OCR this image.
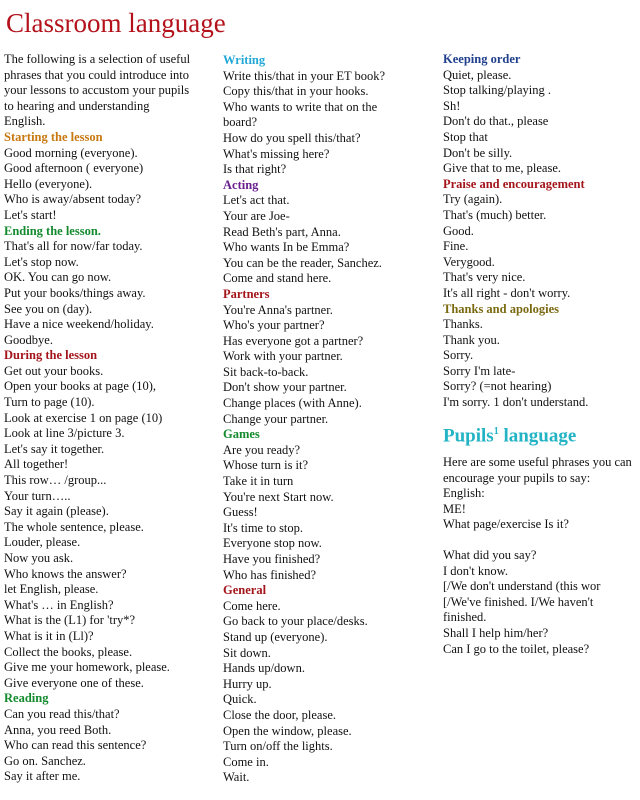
Classroom language
The following is a selection of useful
phrases that you could introduce into
your lessons to accustom your pupils
to hearing and understanding
English.
Starting the lesson
Good morning (everyone).
Good afternoon ( everyone)
Hello (everyone).
Who is away/absent today?
Let's start!
Ending the lesson.
That's all for now/far today.
Let's stop now.
OK. You can go now.
Put your books/things away.
See you on (day).
Have a nice weekend/holiday.
Goodbye.
During the lesson
Get out your books.
Open your books at page (10),
Turn to page (10).
Look at exercise 1 on page (10)
Look at line 3/picture 3.
Let's say it together.
All together!
This row… /group...
Your turn…..
Say it again (please).
The whole sentence, please.
Louder, please.
Now you ask.
Who knows the answer?
let English, please.
What's … in English?
What is the (L1) for 'try*?
What is it in (Ll)?
Collect the books, please.
Give me your homework, please.
Give everyone one of these.
Reading
Can you read this/that?
Anna, you reed Both.
Who can read this sentence?
Go on. Sanchez.
Say it after me.
Writing
Write this/that in your ET book?
Copy this/that in your hooks.
Who wants to write that on the
board?
How do you spell this/that?
What's missing here?
Is that right?
Acting
Let's act that.
Your are Joe-
Read Beth's part, Anna.
Who wants In be Emma?
You can be the reader, Sanchez.
Come and stand here.
Partners
You're Anna's partner.
Who's your partner?
Has everyone got a partner?
Work with your partner.
Sit back-to-back.
Don't show your partner.
Change places (with Anne).
Change your partner.
Games
Are you ready?
Whose turn is it?
Take it in turn
You're next Start now.
Guess!
It's time to stop.
Everyone stop now.
Have you finished?
Who has finished?
General
Come here.
Go back to your place/desks.
Stand up (everyone).
Sit down.
Hands up/down.
Hurry up.
Quick.
Close the door, please.
Open the window, please.
Turn on/off the lights.
Come in.
Wait.
Keeping order
Quiet, please.
Stop talking/playing .
Sh!
Don't do that., please
Stop that
Don't be silly.
Give that to me, please.
Praise and encouragement
Try (again).
That's (much) better.
Good.
Fine.
Verygood.
That's very nice.
It's all right - don't worry.
Thanks and apologies
Thanks.
Thank you.
Sorry.
Sorry I'm late-
Sorry? (=not hearing)
I'm sorry. 1 don't understand.
Pupils$^1$ language
Here are some useful phrases you can
encourage your pupils to say:
English:
ME!
What page/exercise Is it?
What did you say?
I don't know.
[/We don't understand (this wor
[/We've finished. I/We haven't
finished.
Shall I help him/her?
Can I go to the toilet, please?
